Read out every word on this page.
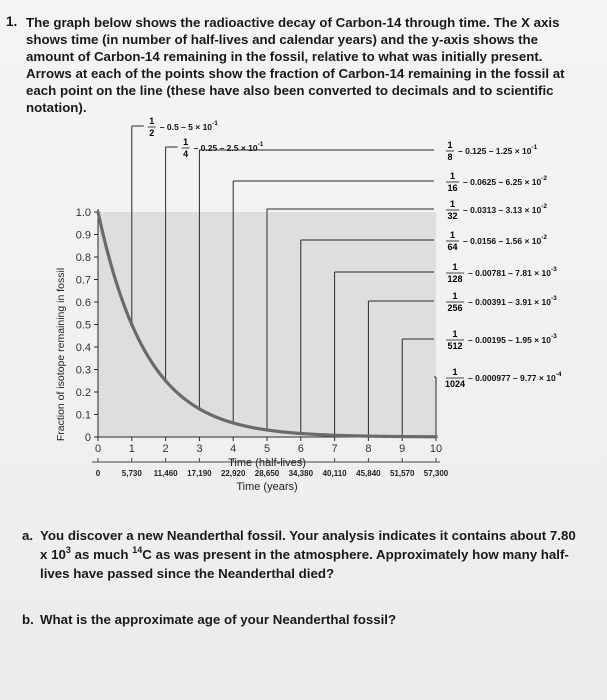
1. The graph below shows the radioactive decay of Carbon-14 through time. The X axis shows time (in number of half-lives and calendar years) and the y-axis shows the amount of Carbon-14 remaining in the fossil, relative to what was initially present. Arrows at each of the points show the fraction of Carbon-14 remaining in the fossil at each point on the line (these have also been converted to decimals and to scientific notation).
0
0.1
0.2
0.3
0.4
0.5
0.6
0.7
0.8
0.9
1.0
Fraction of isotope remaining in fossil
0	1	2	3	4	5	6	7	8	9 10
Time (half-lives)
0	5,730 11,460 17,190 22,920 28,650 34,380 40,110 45,840 51,570 57,300
Time (years)
1
2
– $0.5 - 5 \times 10^{-1}$
1
4
– $0.25 - 2.5 \times 10^{-1}$	1
8
– $0.125 - 1.25 \times 10^{-1}$
1
16
– $0.0625 - 6.25 \times 10^{-2}$
1
32
– $0.0313 - 3.13 \times 10^{-2}$
1
64
– $0.0156 - 1.56 \times 10^{-2}$
1
128
– $0.00781 - 7.81 \times 10^{-3}$
1
256
– $0.00391 - 3.91 \times 10^{-3}$
1
512
– $0.00195 - 1.95 \times 10^{-3}$
1
1024
– $0.000977 - 9.77 \times 10^{-4}$
a. You discover a new Neanderthal fossil. Your analysis indicates it contains about 7.80 x $10^3$ as much $^{14}$C as was present in the atmosphere. Approximately how many half-lives have passed since the Neanderthal died?
b. What is the approximate age of your Neanderthal fossil?
